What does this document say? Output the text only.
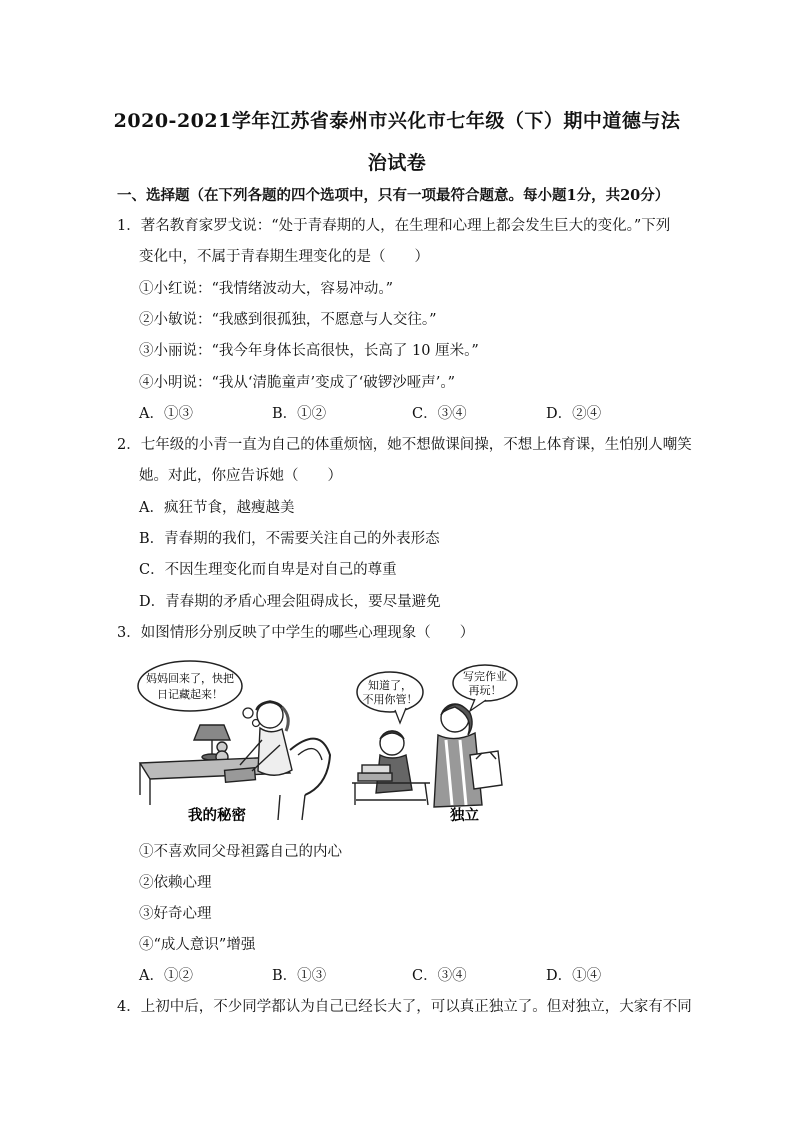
2020-2021学年江苏省泰州市兴化市七年级（下）期中道德与法
治试卷
一、选择题（在下列各题的四个选项中，只有一项最符合题意。每小题1分，共20分）
1．著名教育家罗戈说：“处于青春期的人，在生理和心理上都会发生巨大的变化。”下列
变化中，不属于青春期生理变化的是（　　）
①小红说：“我情绪波动大，容易冲动。”
②小敏说：“我感到很孤独，不愿意与人交往。”
③小丽说：“我今年身体长高很快，长高了 10 厘米。”
④小明说：“我从‘清脆童声’变成了‘破锣沙哑声’。”
A．①③	B．①②	C．③④	D．②④
2．七年级的小青一直为自己的体重烦恼，她不想做课间操，不想上体育课，生怕别人嘲笑
她。对此，你应告诉她（　　）
A．疯狂节食，越瘦越美
B．青春期的我们，不需要关注自己的外表形态
C．不因生理变化而自卑是对自己的尊重
D．青春期的矛盾心理会阻碍成长，要尽量避免
3．如图情形分别反映了中学生的哪些心理现象（　　）
妈妈回来了，快把
日记藏起来！
我的秘密
知道了，
不用你管！
写完作业
再玩！
独立
①不喜欢同父母袒露自己的内心
②依赖心理
③好奇心理
④“成人意识”增强
A．①②	B．①③	C．③④	D．①④
4．上初中后，不少同学都认为自己已经长大了，可以真正独立了。但对独立，大家有不同
